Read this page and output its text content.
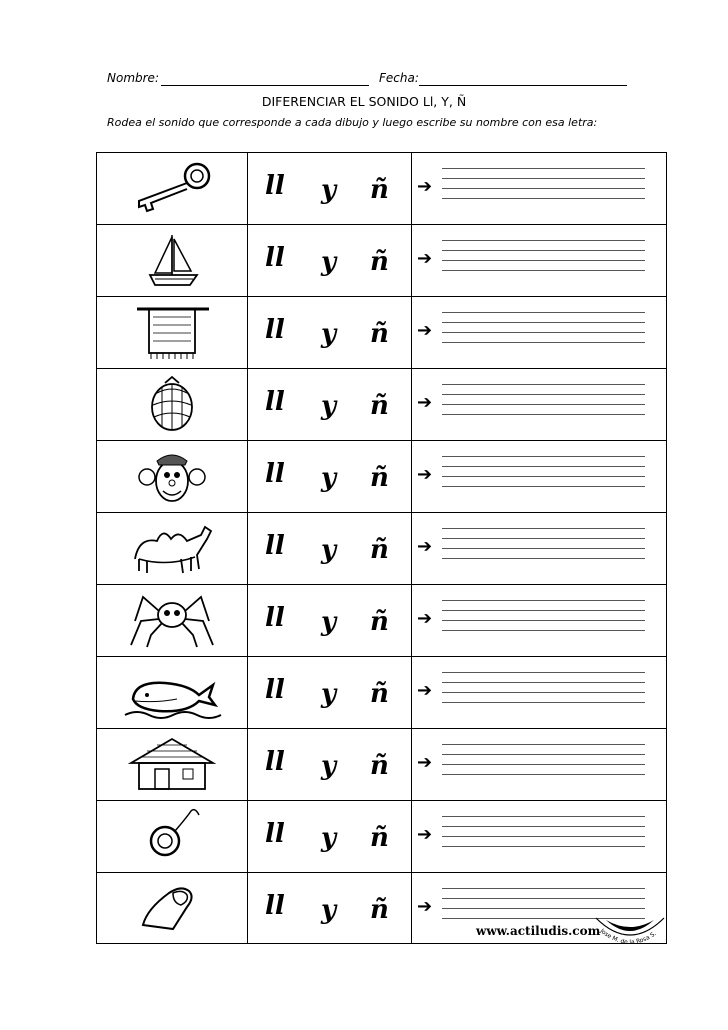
Nombre:	Fecha:
DIFERENCIAR EL SONIDO Ll, Y, Ñ
Rodea el sonido que corresponde a cada dibujo y luego escribe su nombre con esa letra:
ll y ñ ➔
ll y ñ ➔
ll y ñ ➔
ll y ñ ➔
ll y ñ ➔
ll y ñ ➔
ll y ñ ➔
ll y ñ ➔
ll y ñ ➔
ll y ñ ➔
ll y ñ ➔
www.actiludis.com
Jose M. de la Rosa S.
